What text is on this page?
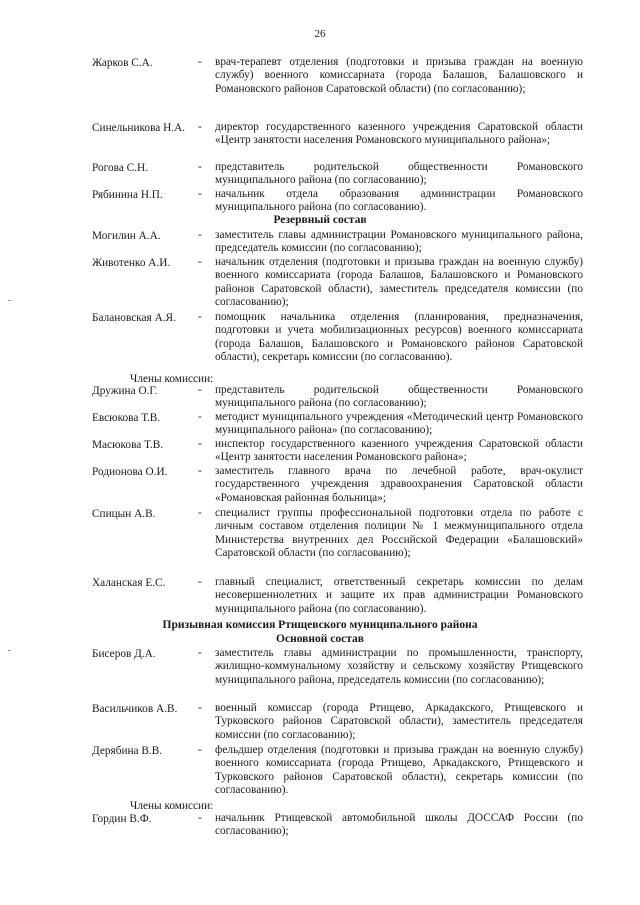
26
Жарков С.А.	- врач-терапевт отделения (подготовки и призыва граждан на военную службу) военного комиссариата (города Балашов, Балашовского и Романовского районов Саратовской области) (по согласованию);
Синельникова Н.А. - директор государственного казенного учреждения Саратовской области «Центр занятости населения Романовского муниципального района»;
Рогова С.Н.	- представитель родительской общественности Романовского муниципального района (по согласованию);
Рябинина Н.П.	- начальник отдела образования администрации Романовского муниципального района (по согласованию).
Резервный состав
Могилин А.А.	- заместитель главы администрации Романовского муниципального района, председатель комиссии (по согласованию);
Животенко А.И. - начальник отделения (подготовки и призыва граждан на военную службу) военного комиссариата (города Балашов, Балашовского и Романовского районов Саратовской области), заместитель председателя комиссии (по согласованию);
Балановская А.Я. - помощник начальника отделения (планирования, предназначения, подготовки и учета мобилизационных ресурсов) военного комиссариата (города Балашов, Балашовского и Романовского районов Саратовской области), секретарь комиссии (по согласованию).
Члены комиссии:
Дружина О.Г.	- представитель родительской общественности Романовского муниципального района (по согласованию);
Евсюкова Т.В.	- методист муниципального учреждения «Методический центр Романовского муниципального района» (по согласованию);
Масюкова Т.В.	- инспектор государственного казенного учреждения Саратовской области «Центр занятости населения Романовского района»;
Родионова О.И.	- заместитель главного врача по лечебной работе, врач-окулист государственного учреждения здравоохранения Саратовской области «Романовская районная больница»;
Спицын А.В.	- специалист группы профессиональной подготовки отдела по работе с личным составом отделения полиции № 1 межмуниципального отдела Министерства внутренних дел Российской Федерации «Балашовский» Саратовской области (по согласованию);
Халанская Е.С.	- главный специалист, ответственный секретарь комиссии по делам несовершеннолетних и защите их прав администрации Романовского муниципального района (по согласованию).
Призывная комиссия Ртищевского муниципального района
Основной состав
Бисеров Д.А.	- заместитель главы администрации по промышленности, транспорту, жилищно-коммунальному хозяйству и сельскому хозяйству Ртищевского муниципального района, председатель комиссии (по согласованию);
Васильчиков А.В. - военный комиссар (города Ртищево, Аркадакского, Ртищевского и Турковского районов Саратовской области), заместитель председателя комиссии (по согласованию);
Дерябина В.В.	- фельдшер отделения (подготовки и призыва граждан на военную службу) военного комиссариата (города Ртищево, Аркадакского, Ртищевского и Турковского районов Саратовской области), секретарь комиссии (по согласованию).
Члены комиссии:
Гордин В.Ф.	- начальник Ртищевской автомобильной школы ДОССАФ России (по согласованию);
